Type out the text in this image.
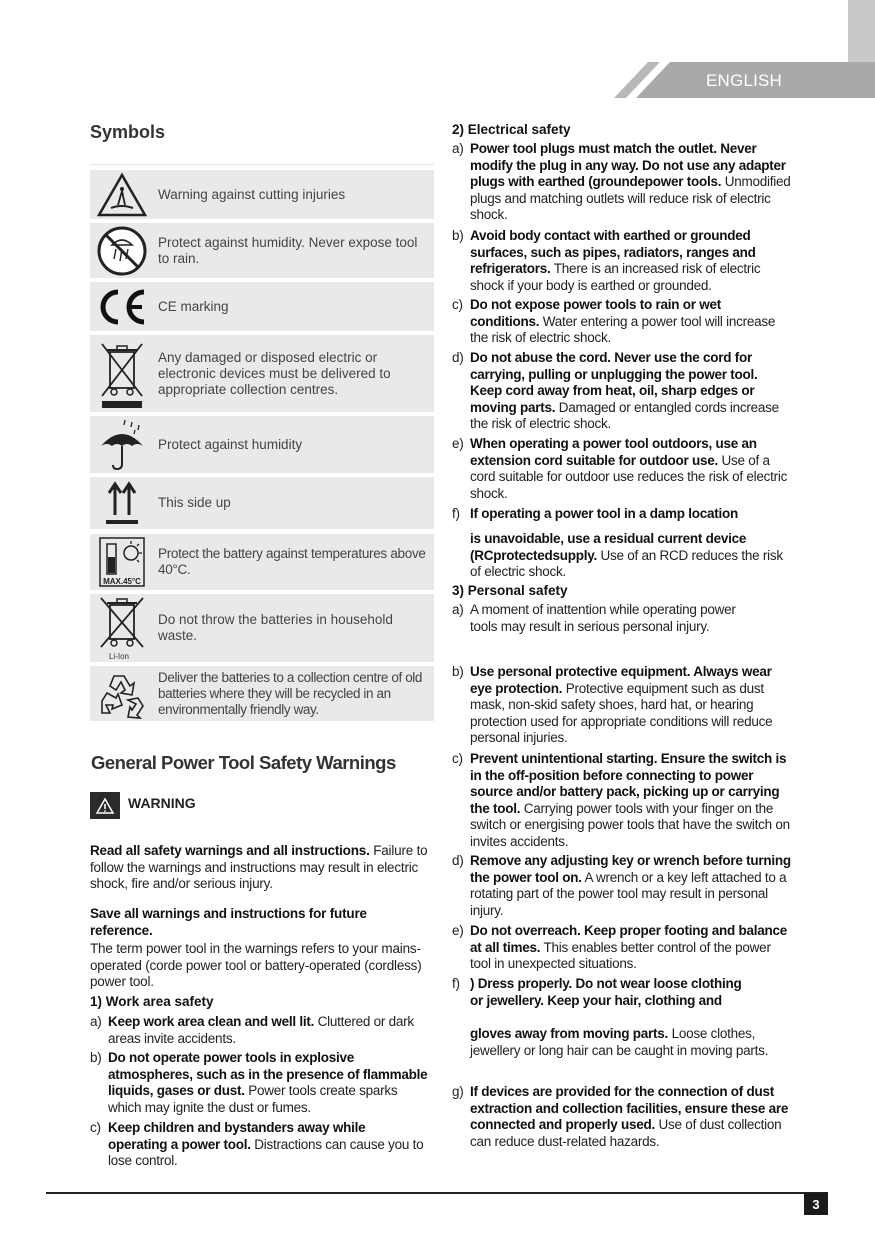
ENGLISH
Symbols
Warning against cutting injuries
Protect against humidity. Never expose tool to rain.
CE marking
Any damaged or disposed electric or electronic devices must be delivered to appropriate collection centres.
Protect against humidity
This side up
MAX.45°C
Protect the battery against temperatures above 40°C.
Li-Ion
Do not throw the batteries in household waste.
Deliver the batteries to a collection centre of old batteries where they will be recycled in an environmentally friendly way.
General Power Tool Safety Warnings
WARNING
Read all safety warnings and all instructions. Failure to follow the warnings and instructions may result in electric shock, fire and/or serious injury.
Save all warnings and instructions for future reference.
The term power tool in the warnings refers to your mains-operated (corde power tool or battery-operated (cordless) power tool.
1) Work area safety
a) Keep work area clean and well lit. Cluttered or dark areas invite accidents.
b) Do not operate power tools in explosive atmospheres, such as in the presence of flammable liquids, gases or dust. Power tools create sparks which may ignite the dust or fumes.
c) Keep children and bystanders away while operating a power tool. Distractions can cause you to lose control.
2) Electrical safety
a) Power tool plugs must match the outlet. Never modify the plug in any way. Do not use any adapter plugs with earthed (groundepower tools. Unmodified plugs and matching outlets will reduce risk of electric shock.
b) Avoid body contact with earthed or grounded surfaces, such as pipes, radiators, ranges and refrigerators. There is an increased risk of electric shock if your body is earthed or grounded.
c) Do not expose power tools to rain or wet conditions. Water entering a power tool will increase the risk of electric shock.
d) Do not abuse the cord. Never use the cord for carrying, pulling or unplugging the power tool. Keep cord away from heat, oil, sharp edges or moving parts. Damaged or entangled cords increase the risk of electric shock.
e) When operating a power tool outdoors, use an extension cord suitable for outdoor use. Use of a cord suitable for outdoor use reduces the risk of electric shock.
f) If operating a power tool in a damp location
is unavoidable, use a residual current device (RCprotectedsupply. Use of an RCD reduces the risk of electric shock.
3) Personal safety
a) A moment of inattention while operating power tools may result in serious personal injury.
b) Use personal protective equipment. Always wear eye protection. Protective equipment such as dust mask, non-skid safety shoes, hard hat, or hearing protection used for appropriate conditions will reduce personal injuries.
c) Prevent unintentional starting. Ensure the switch is in the off-position before connecting to power source and/or battery pack, picking up or carrying the tool. Carrying power tools with your finger on the switch or energising power tools that have the switch on invites accidents.
d) Remove any adjusting key or wrench before turning the power tool on. A wrench or a key left attached to a rotating part of the power tool may result in personal injury.
e) Do not overreach. Keep proper footing and balance at all times. This enables better control of the power tool in unexpected situations.
f) ) Dress properly. Do not wear loose clothing or jewellery. Keep your hair, clothing and
gloves away from moving parts. Loose clothes, jewellery or long hair can be caught in moving parts.
g) If devices are provided for the connection of dust extraction and collection facilities, ensure these are connected and properly used. Use of dust collection can reduce dust-related hazards.
3
